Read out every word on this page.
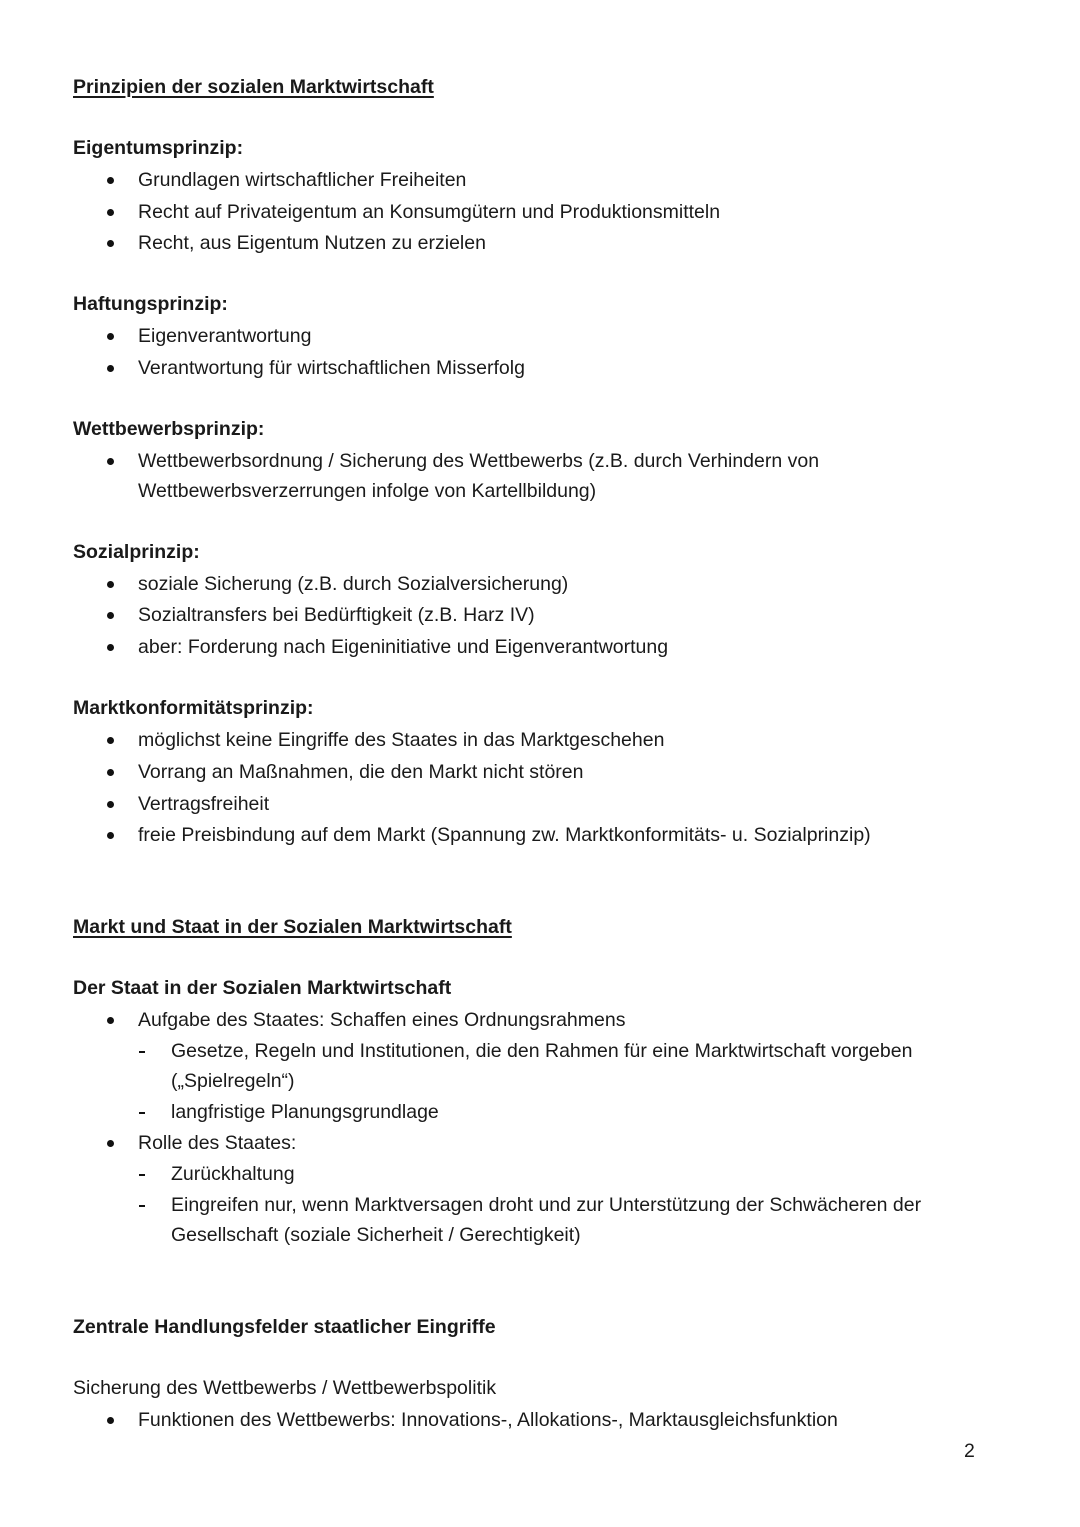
Prinzipien der sozialen Marktwirtschaft
Eigentumsprinzip:
Grundlagen wirtschaftlicher Freiheiten
Recht auf Privateigentum an Konsumgütern und Produktionsmitteln
Recht, aus Eigentum Nutzen zu erzielen
Haftungsprinzip:
Eigenverantwortung
Verantwortung für wirtschaftlichen Misserfolg
Wettbewerbsprinzip:
Wettbewerbsordnung / Sicherung des Wettbewerbs (z.B. durch Verhindern von
Wettbewerbsverzerrungen infolge von Kartellbildung)
Sozialprinzip:
soziale Sicherung (z.B. durch Sozialversicherung)
Sozialtransfers bei Bedürftigkeit (z.B. Harz IV)
aber: Forderung nach Eigeninitiative und Eigenverantwortung
Marktkonformitätsprinzip:
möglichst keine Eingriffe des Staates in das Marktgeschehen
Vorrang an Maßnahmen, die den Markt nicht stören
Vertragsfreiheit
freie Preisbindung auf dem Markt (Spannung zw. Marktkonformitäts- u. Sozialprinzip)
Markt und Staat in der Sozialen Marktwirtschaft
Der Staat in der Sozialen Marktwirtschaft
Aufgabe des Staates: Schaffen eines Ordnungsrahmens
Gesetze, Regeln und Institutionen, die den Rahmen für eine Marktwirtschaft vorgeben
(„Spielregeln“)
langfristige Planungsgrundlage
Rolle des Staates:
Zurückhaltung
Eingreifen nur, wenn Marktversagen droht und zur Unterstützung der Schwächeren der
Gesellschaft (soziale Sicherheit / Gerechtigkeit)
Zentrale Handlungsfelder staatlicher Eingriffe
Sicherung des Wettbewerbs / Wettbewerbspolitik
Funktionen des Wettbewerbs: Innovations-, Allokations-, Marktausgleichsfunktion
2
